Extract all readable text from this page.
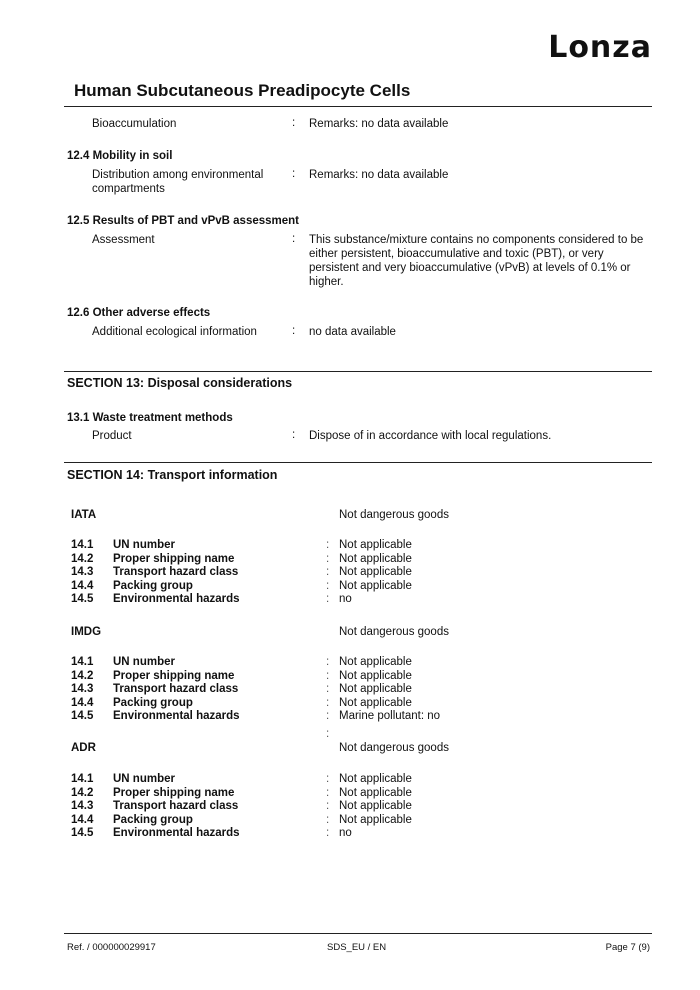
Lonza
Human Subcutaneous Preadipocyte Cells
Bioaccumulation	: Remarks: no data available
12.4 Mobility in soil
Distribution among environmental compartments
: Remarks: no data available
12.5 Results of PBT and vPvB assessment
Assessment	: This substance/mixture contains no components considered to be either persistent, bioaccumulative and toxic (PBT), or very persistent and very bioaccumulative (vPvB) at levels of 0.1% or higher.
12.6 Other adverse effects
Additional ecological information	: no data available
SECTION 13: Disposal considerations
13.1 Waste treatment methods
Product	: Dispose of in accordance with local regulations.
SECTION 14: Transport information
IATA	Not dangerous goods
14.1 UN number	: Not applicable
14.2 Proper shipping name	: Not applicable
14.3 Transport hazard class	: Not applicable
14.4 Packing group	: Not applicable
14.5 Environmental hazards	: no
IMDG	Not dangerous goods
14.1 UN number	: Not applicable
14.2 Proper shipping name	: Not applicable
14.3 Transport hazard class	: Not applicable
14.4 Packing group	: Not applicable
14.5 Environmental hazards	: Marine pollutant: no
:
ADR	Not dangerous goods
14.1 UN number	: Not applicable
14.2 Proper shipping name	: Not applicable
14.3 Transport hazard class	: Not applicable
14.4 Packing group	: Not applicable
14.5 Environmental hazards	: no
Ref. / 000000029917	SDS_EU / EN	Page 7 (9)
